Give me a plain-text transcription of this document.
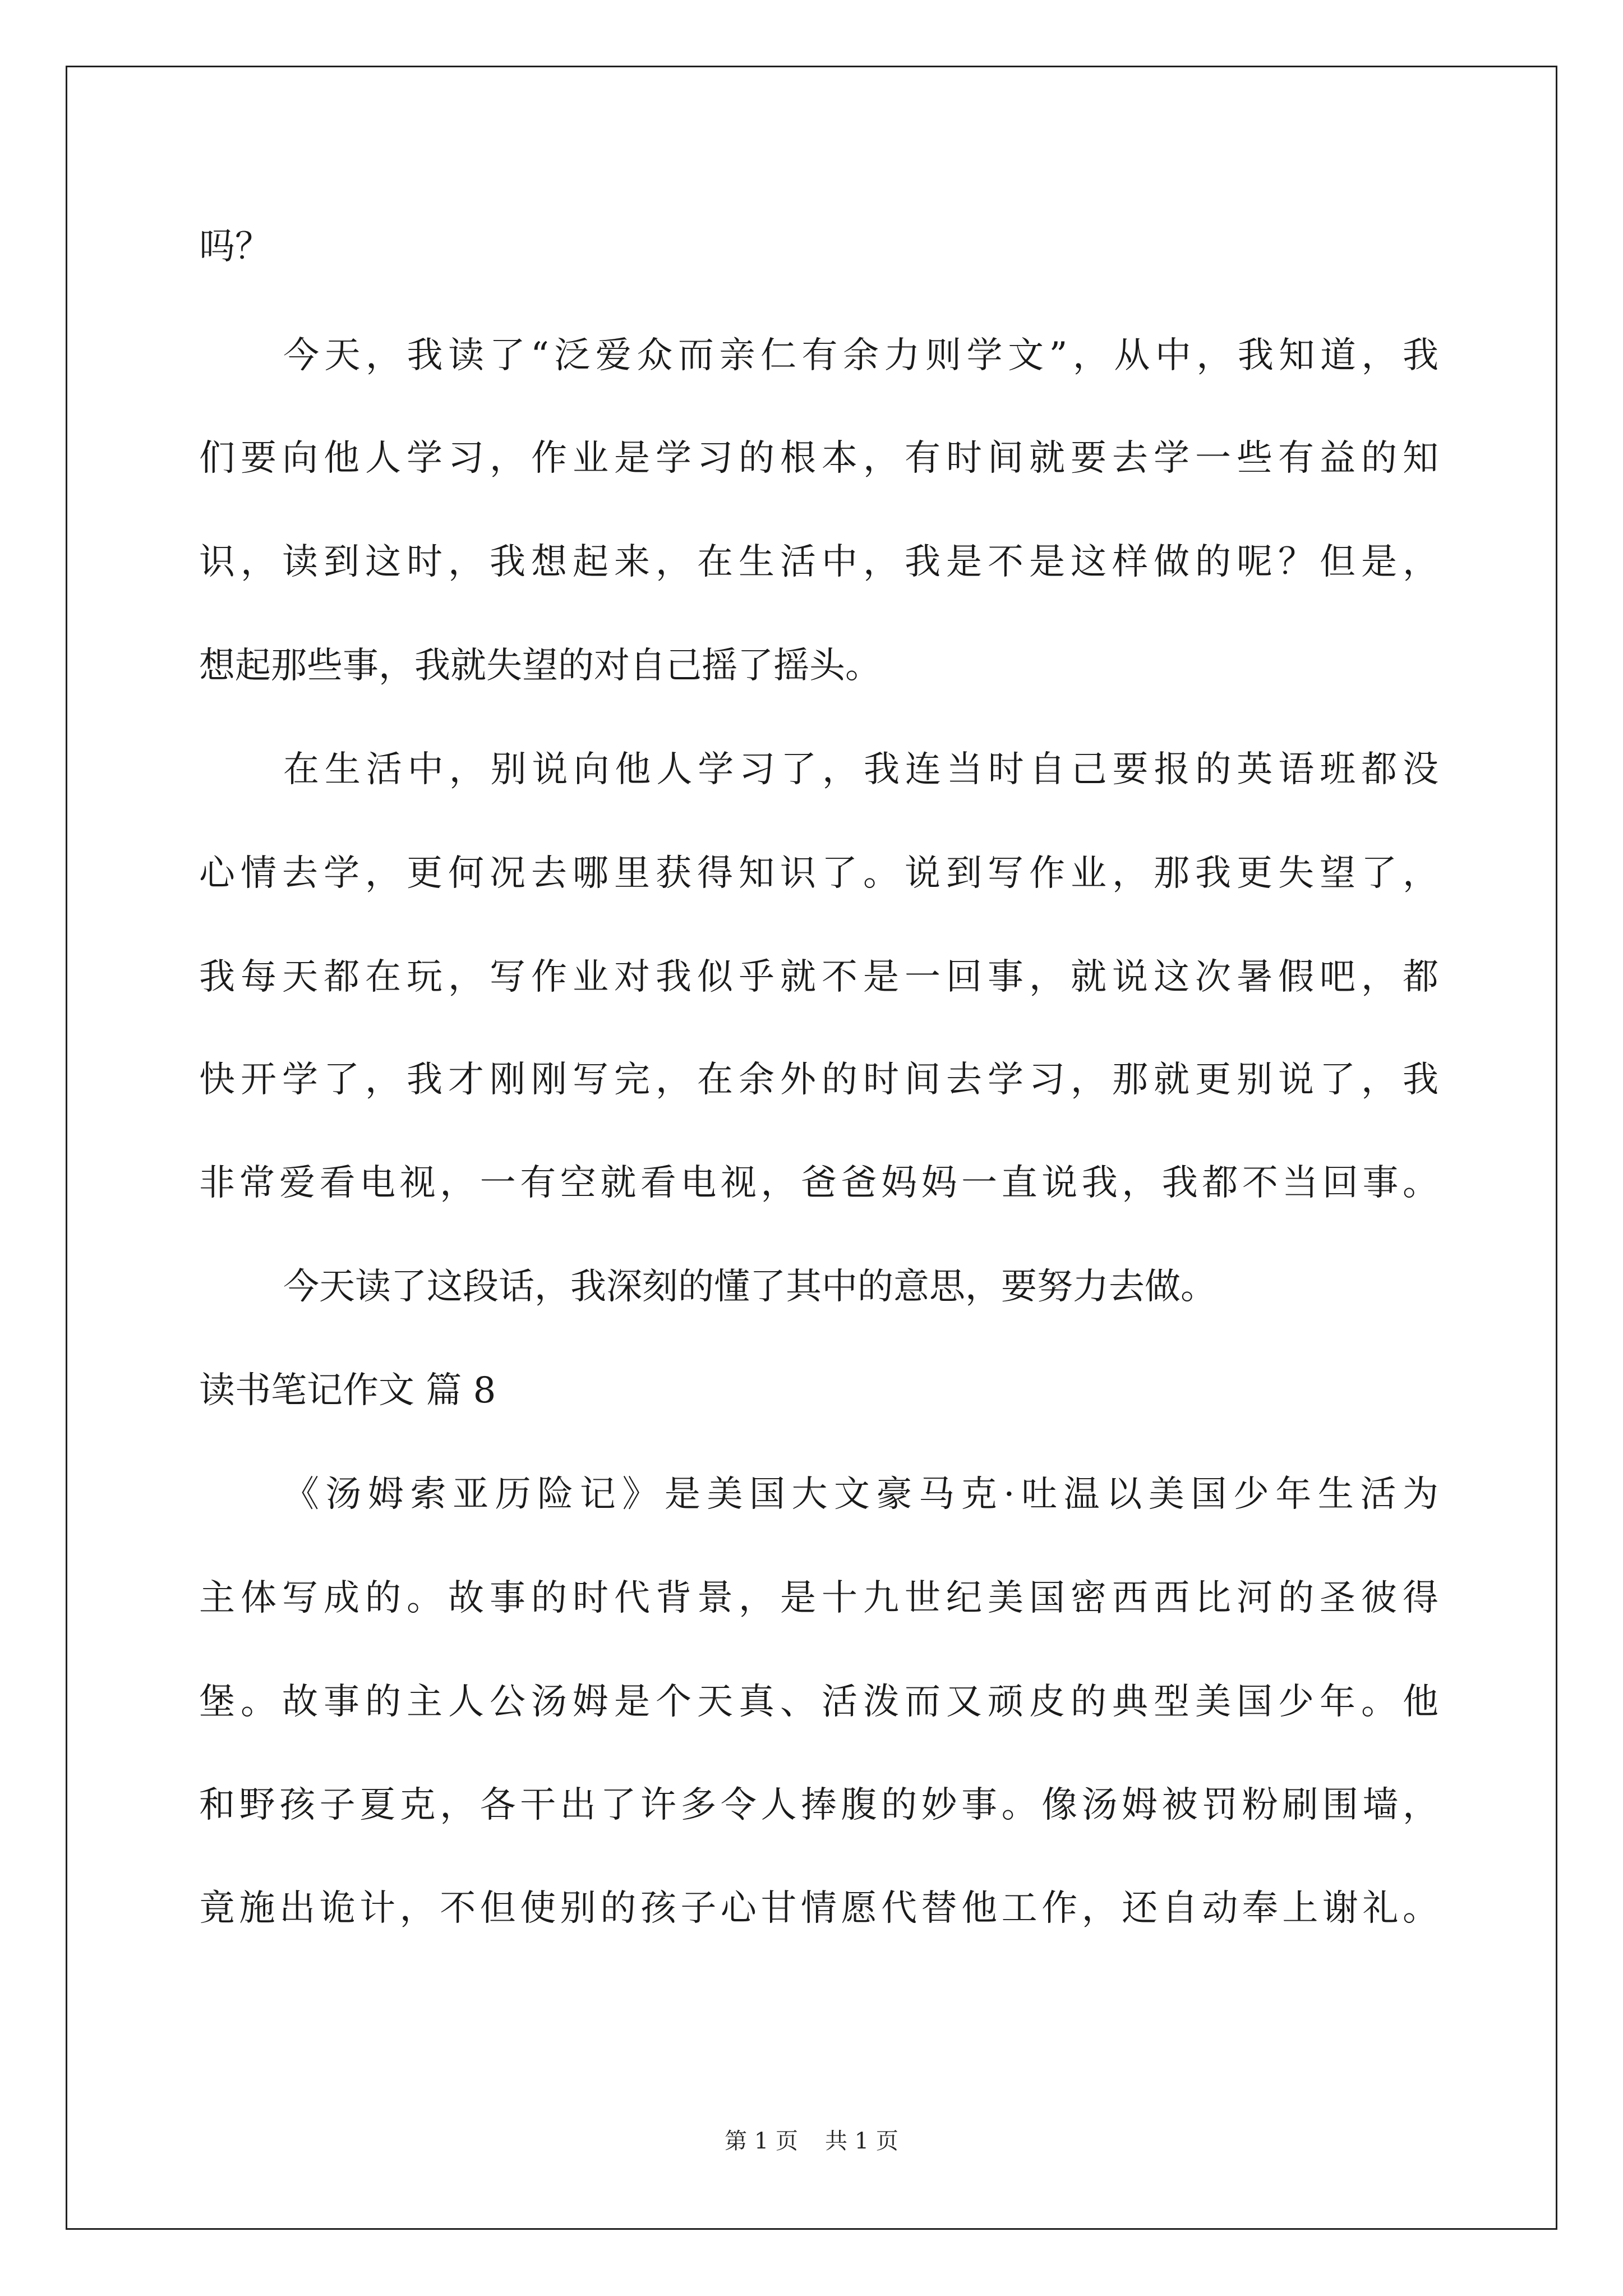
吗？
今天，我读了“泛爱众而亲仁有余力则学文”，从中，我知道，我
们要向他人学习，作业是学习的根本，有时间就要去学一些有益的知
识，读到这时，我想起来，在生活中，我是不是这样做的呢？但是，
想起那些事，我就失望的对自己摇了摇头。
在生活中，别说向他人学习了，我连当时自己要报的英语班都没
心情去学，更何况去哪里获得知识了。说到写作业，那我更失望了，
我每天都在玩，写作业对我似乎就不是一回事，就说这次暑假吧，都
快开学了，我才刚刚写完，在余外的时间去学习，那就更别说了，我
非常爱看电视，一有空就看电视，爸爸妈妈一直说我，我都不当回事。
今天读了这段话，我深刻的懂了其中的意思，要努力去做。
读书笔记作文 篇 8
《汤姆索亚历险记》是美国大文豪马克·吐温以美国少年生活为
主体写成的。故事的时代背景，是十九世纪美国密西西比河的圣彼得
堡。故事的主人公汤姆是个天真、活泼而又顽皮的典型美国少年。他
和野孩子夏克，各干出了许多令人捧腹的妙事。像汤姆被罚粉刷围墙，
竟施出诡计，不但使别的孩子心甘情愿代替他工作，还自动奉上谢礼。
第 1 页 共 1 页
